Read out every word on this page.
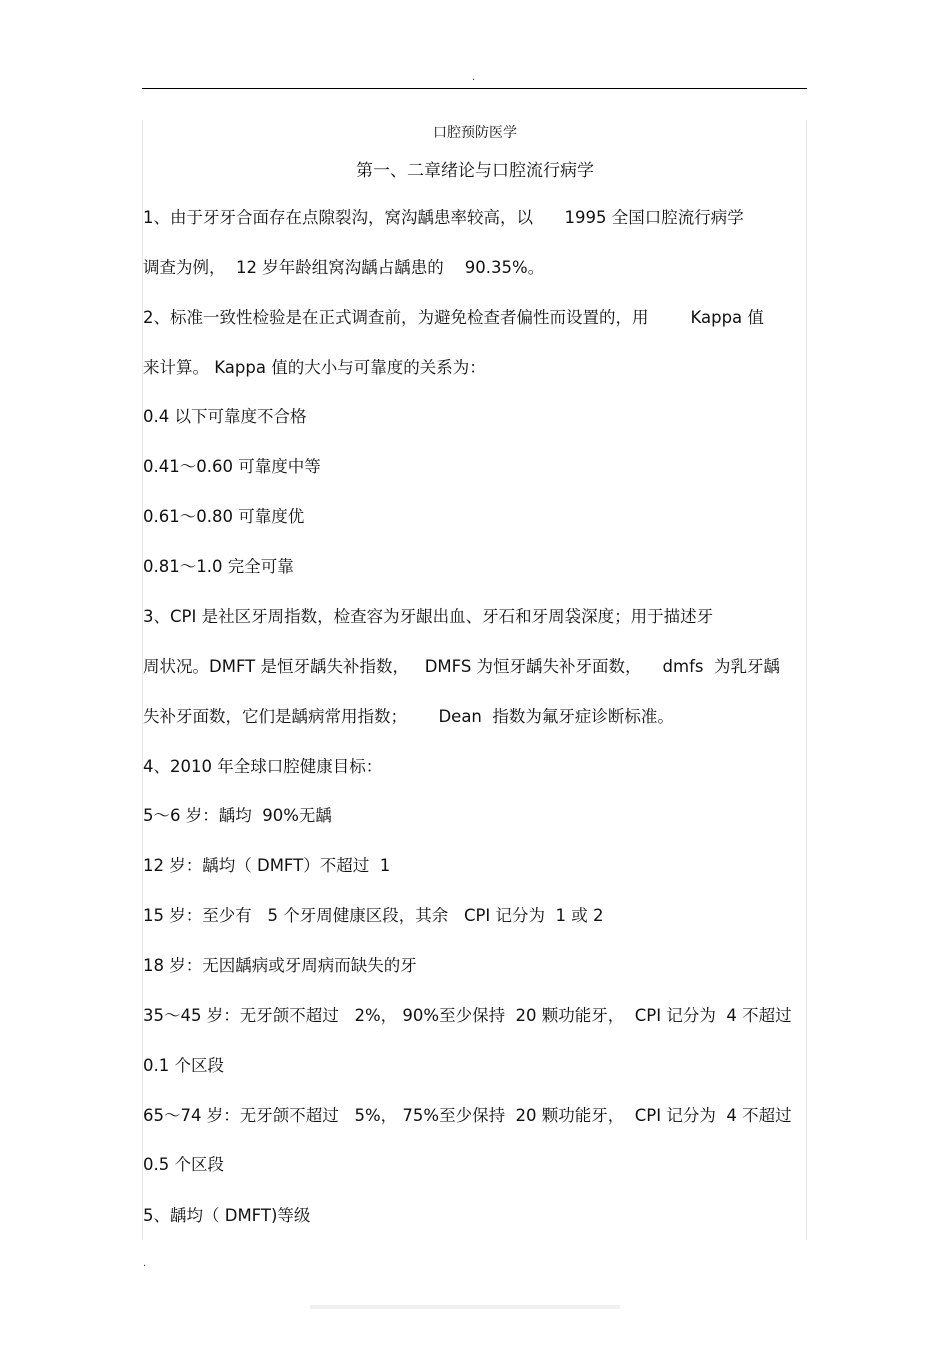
.
口腔预防医学
第一、二章绪论与口腔流行病学
1、由于牙牙合面存在点隙裂沟，窝沟龋患率较高，以      1995 全国口腔流行病学
调查为例，  12 岁年龄组窝沟龋占龋患的    90.35%。
2、标准一致性检验是在正式调查前，为避免检查者偏性而设置的，用        Kappa 值
来计算。 Kappa 值的大小与可靠度的关系为：
0.4 以下可靠度不合格
0.41～0.60 可靠度中等
0.61～0.80 可靠度优
0.81～1.0 完全可靠
3、CPI 是社区牙周指数，检查容为牙龈出血、牙石和牙周袋深度；用于描述牙
周状况。DMFT 是恒牙龋失补指数，   DMFS 为恒牙龋失补牙面数，    dmfs  为乳牙龋
失补牙面数，它们是龋病常用指数；      Dean  指数为氟牙症诊断标准。
4、2010 年全球口腔健康目标：
5～6 岁：龋均  90%无龋
12 岁：龋均（ DMFT）不超过  1
15 岁：至少有   5 个牙周健康区段，其余   CPI 记分为  1 或 2
18 岁：无因龋病或牙周病而缺失的牙
35～45 岁：无牙颌不超过   2%， 90%至少保持  20 颗功能牙，  CPI 记分为  4 不超过
0.1 个区段
65～74 岁：无牙颌不超过   5%， 75%至少保持  20 颗功能牙，  CPI 记分为  4 不超过
0.5 个区段
5、龋均（ DMFT)等级
.
